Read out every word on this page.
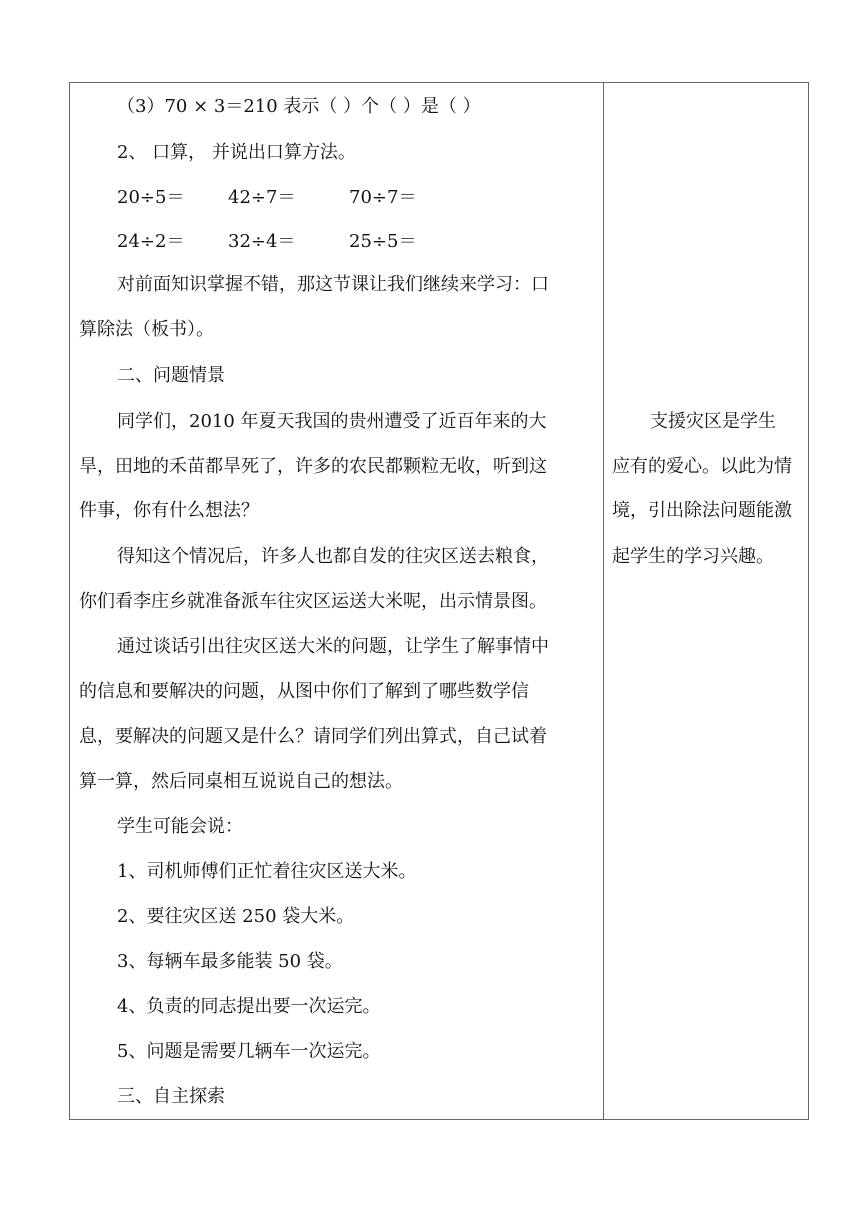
（3）70 × 3＝210 表示（ ）个（ ）是（ ）
2、 口算， 并说出口算方法。
20÷5＝ 42÷7＝	70÷7＝
24÷2＝ 32÷4＝	25÷5＝
对前面知识掌握不错，那这节课让我们继续来学习：口
算除法（板书）。
二、问题情景
同学们，2010 年夏天我国的贵州遭受了近百年来的大
旱，田地的禾苗都旱死了，许多的农民都颗粒无收，听到这
件事，你有什么想法？
得知这个情况后，许多人也都自发的往灾区送去粮食，
你们看李庄乡就准备派车往灾区运送大米呢，出示情景图。
通过谈话引出往灾区送大米的问题，让学生了解事情中
的信息和要解决的问题，从图中你们了解到了哪些数学信
息，要解决的问题又是什么？请同学们列出算式，自己试着
算一算，然后同桌相互说说自己的想法。
学生可能会说：
1、司机师傅们正忙着往灾区送大米。
2、要往灾区送 250 袋大米。
3、每辆车最多能装 50 袋。
4、负责的同志提出要一次运完。
5、问题是需要几辆车一次运完。
三、自主探索
支援灾区是学生
应有的爱心。以此为情
境，引出除法问题能激
起学生的学习兴趣。
